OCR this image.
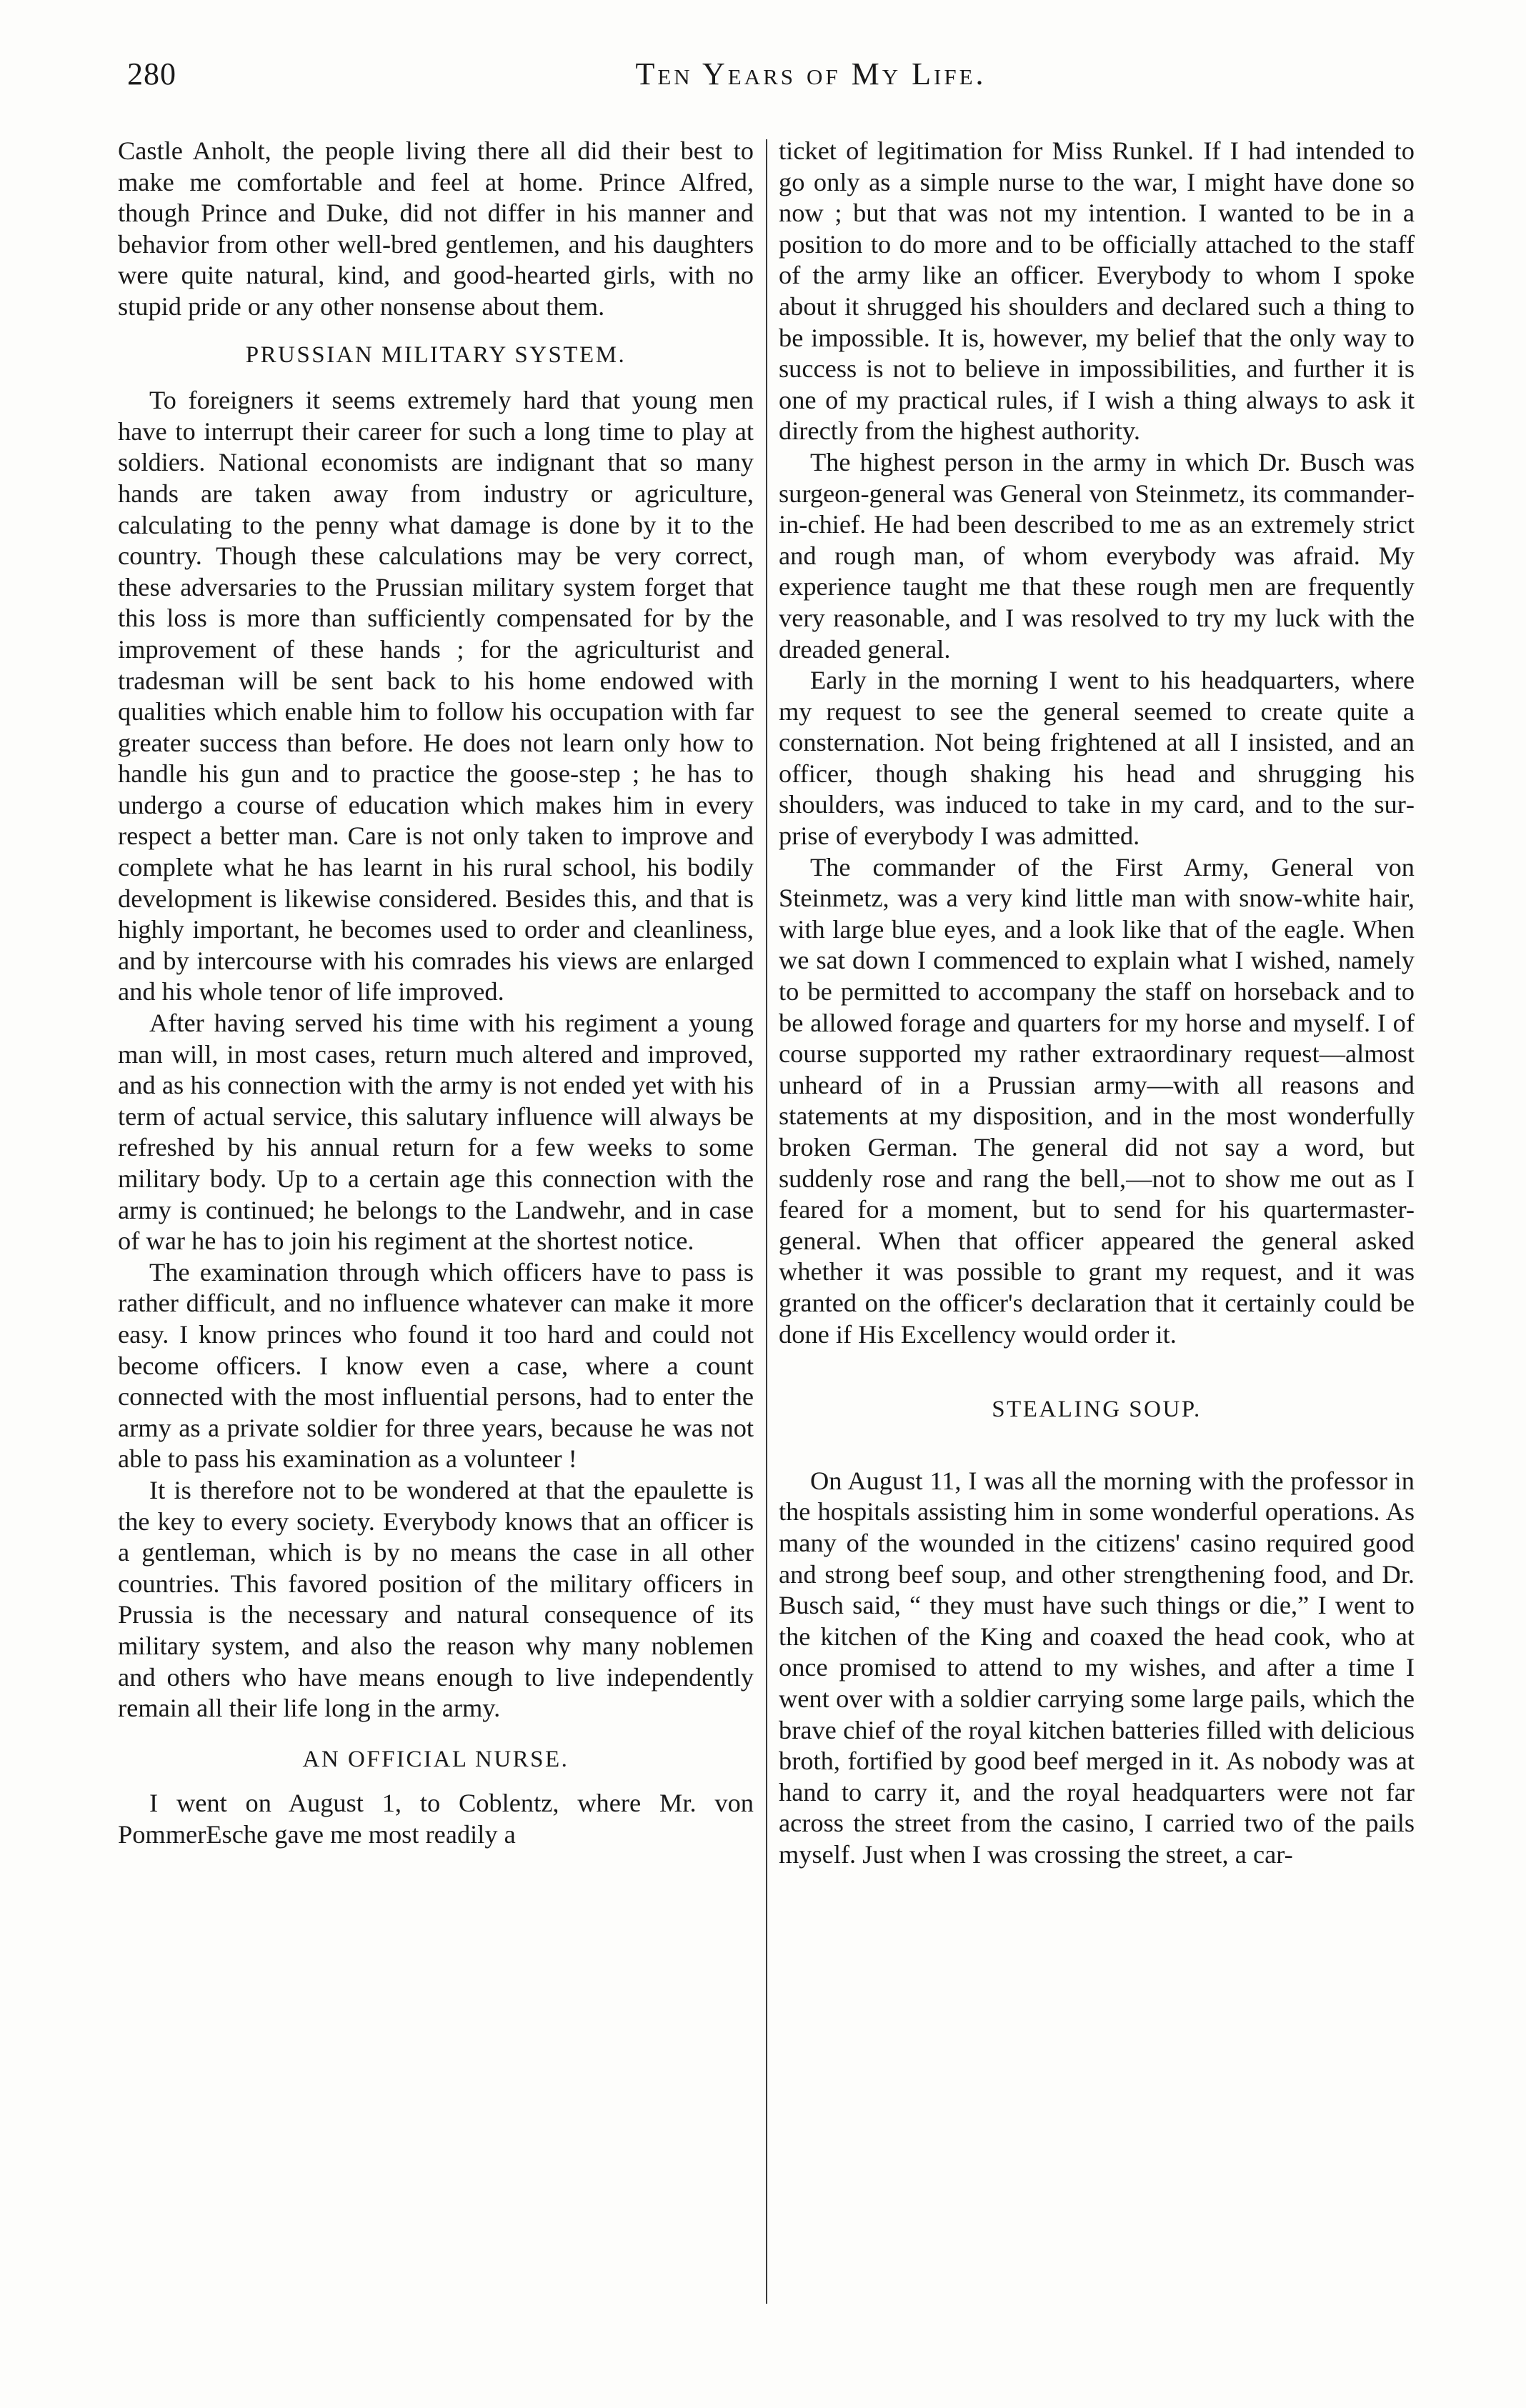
280	Ten Years of My Life.

Castle Anholt, the people living there all did their best to make me comfortable and feel at home. Prince Alfred, though Prince and Duke, did not differ in his manner and behavior from other well-bred gentlemen, and his daughters were quite natural, kind, and good-hearted girls, with no stupid pride or any other nonsense about them.

PRUSSIAN MILITARY SYSTEM.

To foreigners it seems extremely hard that young men have to interrupt their career for such a long time to play at soldiers. National economists are indignant that so many hands are taken away from industry or agriculture, calculating to the penny what damage is done by it to the country. Though these calculations may be very correct, these adversaries to the Prussian military system forget that this loss is more than sufficiently compensated for by the improvement of these hands ; for the agriculturist and tradesman will be sent back to his home endowed with qualities which enable him to follow his occupation with far greater success than before. He does not learn only how to handle his gun and to practice the goose-step ; he has to undergo a course of education which makes him in every respect a better man. Care is not only taken to improve and complete what he has learnt in his rural school, his bodily development is likewise considered. Besides this, and that is highly important, he becomes used to order and cleanliness, and by intercourse with his comrades his views are enlarged and his whole tenor of life improved.

After having served his time with his regiment a young man will, in most cases, return much altered and improved, and as his connection with the army is not ended yet with his term of actual service, this salutary influence will always be refreshed by his annual return for a few weeks to some military body. Up to a certain age this connection with the army is continued; he belongs to the Landwehr, and in case of war he has to join his regiment at the shortest notice.

The examination through which officers have to pass is rather difficult, and no influence whatever can make it more easy. I know princes who found it too hard and could not become officers. I know even a case, where a count connected with the most influential persons, had to enter the army as a private soldier for three years, because he was not able to pass his examination as a volunteer !

It is therefore not to be wondered at that the epaulette is the key to every society. Everybody knows that an officer is a gentleman, which is by no means the case in all other countries. This favored position of the military officers in Prussia is the necessary and natural consequence of its military system, and also the reason why many noblemen and others who have means enough to live independently remain all their life long in the army.

AN OFFICIAL NURSE.

I went on August 1, to Coblentz, where Mr. von PommerEsche gave me most readily a

ticket of legitimation for Miss Runkel. If I had intended to go only as a simple nurse to the war, I might have done so now ; but that was not my intention. I wanted to be in a position to do more and to be officially attached to the staff of the army like an officer. Everybody to whom I spoke about it shrugged his shoulders and declared such a thing to be impossible. It is, however, my belief that the only way to success is not to believe in impossibilities, and further it is one of my practical rules, if I wish a thing always to ask it directly from the highest authority.

The highest person in the army in which Dr. Busch was surgeon-general was General von Steinmetz, its commander-in-chief. He had been described to me as an extremely strict and rough man, of whom everybody was afraid. My experience taught me that these rough men are frequently very reasonable, and I was resolved to try my luck with the dreaded general.

Early in the morning I went to his headquarters, where my request to see the general seemed to create quite a consternation. Not being frightened at all I insisted, and an officer, though shaking his head and shrugging his shoulders, was induced to take in my card, and to the surprise of everybody I was admitted.

The commander of the First Army, General von Steinmetz, was a very kind little man with snow-white hair, with large blue eyes, and a look like that of the eagle. When we sat down I commenced to explain what I wished, namely to be permitted to accompany the staff on horseback and to be allowed forage and quarters for my horse and myself. I of course supported my rather extraordinary request—almost unheard of in a Prussian army—with all reasons and statements at my disposition, and in the most wonderfully broken German. The general did not say a word, but suddenly rose and rang the bell,—not to show me out as I feared for a moment, but to send for his quartermaster-general. When that officer appeared the general asked whether it was possible to grant my request, and it was granted on the officer's declaration that it certainly could be done if His Excellency would order it.

STEALING SOUP.

On August 11, I was all the morning with the professor in the hospitals assisting him in some wonderful operations. As many of the wounded in the citizens' casino required good and strong beef soup, and other strengthening food, and Dr. Busch said, “ they must have such things or die,” I went to the kitchen of the King and coaxed the head cook, who at once promised to attend to my wishes, and after a time I went over with a soldier carrying some large pails, which the brave chief of the royal kitchen batteries filled with delicious broth, fortified by good beef merged in it. As nobody was at hand to carry it, and the royal headquarters were not far across the street from the casino, I carried two of the pails myself. Just when I was crossing the street, a car-
